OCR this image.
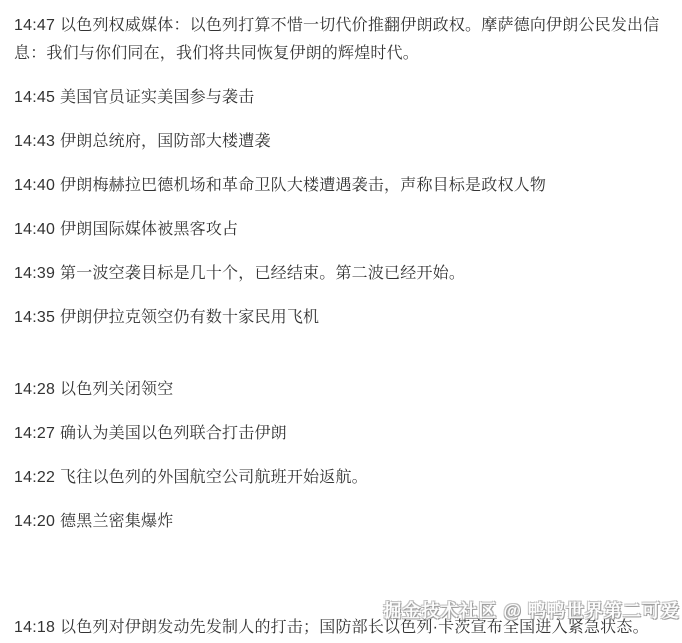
14:47 以色列权威媒体：以色列打算不惜一切代价推翻伊朗政权。摩萨德向伊朗公民发出信息：我们与你们同在，我们将共同恢复伊朗的辉煌时代。

14:45 美国官员证实美国参与袭击

14:43 伊朗总统府，国防部大楼遭袭

14:40 伊朗梅赫拉巴德机场和革命卫队大楼遭遇袭击，声称目标是政权人物

14:40 伊朗国际媒体被黑客攻占

14:39 第一波空袭目标是几十个，已经结束。第二波已经开始。

14:35 伊朗伊拉克领空仍有数十家民用飞机

14:28 以色列关闭领空

14:27 确认为美国以色列联合打击伊朗

14:22 飞往以色列的外国航空公司航班开始返航。

14:20 德黑兰密集爆炸

14:18 以色列对伊朗发动先发制人的打击；国防部长以色列·卡茨宣布全国进入紧急状态。

掘金技术社区 @ 鸭鸭世界第二可爱
